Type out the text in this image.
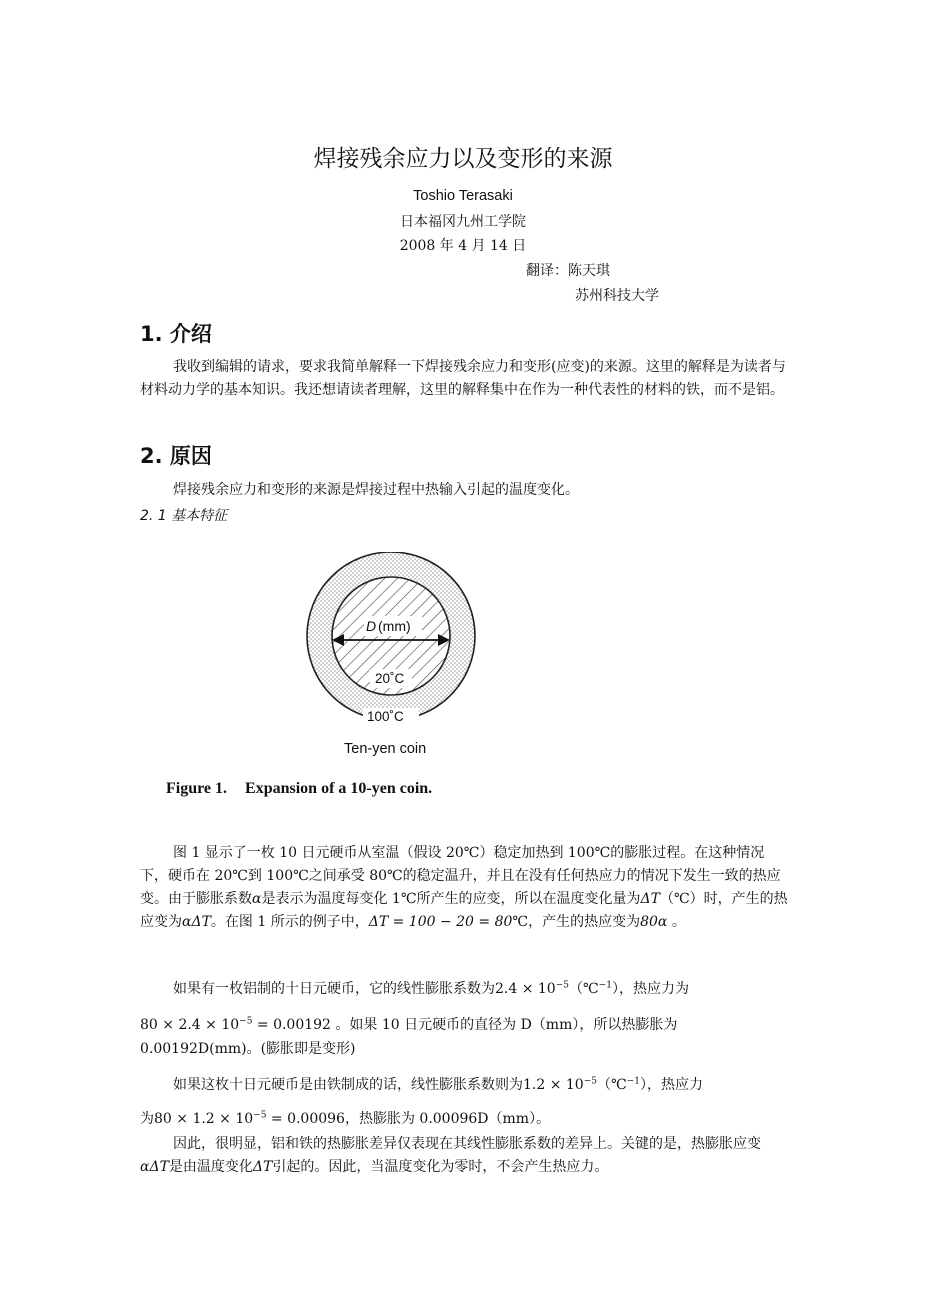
焊接残余应力以及变形的来源
Toshio Terasaki
日本福冈九州工学院
2008 年 4 月 14 日
翻译：陈天琪
苏州科技大学
1. 介绍

我收到编辑的请求，要求我简单解释一下焊接残余应力和变形(应变)的来源。这里的解释是为读者与材料动力学的基本知识。我还想请读者理解，这里的解释集中在作为一种代表性的材料的铁，而不是铝。

2. 原因

焊接残余应力和变形的来源是焊接过程中热输入引起的温度变化。

2. 1 基本特征
D (mm)
20˚C
100˚C
Ten-yen coin
Figure 1. Expansion of a 10-yen coin.

图 1 显示了一枚 10 日元硬币从室温（假设 20℃）稳定加热到 100℃的膨胀过程。在这种情况下，硬币在 20℃到 100℃之间承受 80℃的稳定温升，并且在没有任何热应力的情况下发生一致的热应变。由于膨胀系数α是表示为温度每变化 1℃所产生的应变，所以在温度变化量为ΔT（℃）时，产生的热应变为αΔT。在图 1 所示的例子中，ΔT = 100 − 20 = 80℃，产生的热应变为80α 。

如果有一枚铝制的十日元硬币，它的线性膨胀系数为$2.4 \times 10^{-5}(℃^{-1})$，热应力为
$80 \times 2.4 \times 10^{-5} = 0.00192$ 。如果 10 日元硬币的直径为 D（mm），所以热膨胀为
0.00192D(mm)。(膨胀即是变形)
如果这枚十日元硬币是由铁制成的话，线性膨胀系数则为$1.2 \times 10^{-5}(℃^{-1})$，热应力
为$80 \times 1.2 \times 10^{-5} = 0.00096$，热膨胀为 0.00096D（mm）。

因此，很明显，铝和铁的热膨胀差异仅表现在其线性膨胀系数的差异上。关键的是，热膨胀应变αΔT是由温度变化ΔT引起的。因此，当温度变化为零时，不会产生热应力。
